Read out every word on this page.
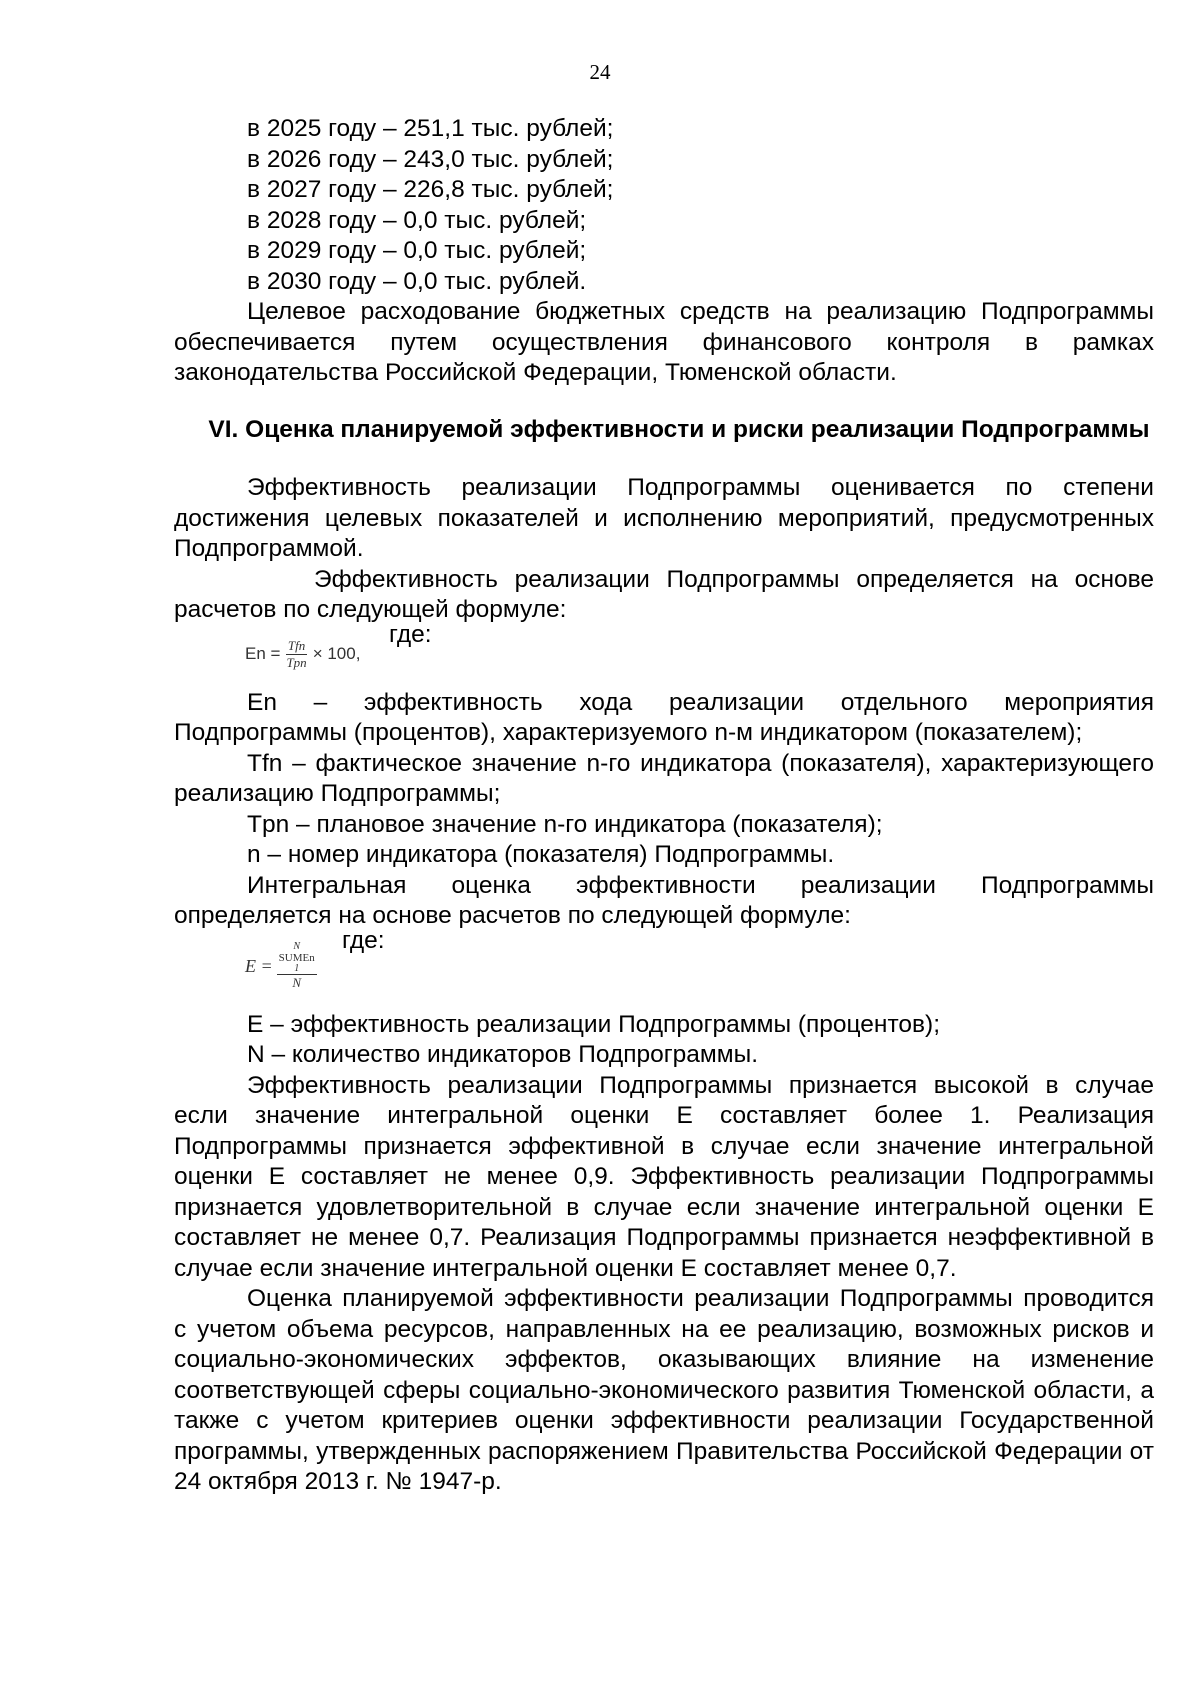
24

в 2025 году – 251,1 тыс. рублей;

в 2026 году – 243,0 тыс. рублей;

в 2027 году – 226,8 тыс. рублей;

в 2028 году – 0,0 тыс. рублей;

в 2029 году – 0,0 тыс. рублей;

в 2030 году – 0,0 тыс. рублей.

Целевое расходование бюджетных средств на реализацию Подпрограммы обеспечивается путем осуществления финансового контроля в рамках законодательства Российской Федерации, Тюменской области.

VI. Оценка планируемой эффективности и риски реализации Подпрограммы

Эффективность реализации Подпрограммы оценивается по степени достижения целевых показателей и исполнению мероприятий, предусмотренных Подпрограммой.

Эффективность реализации Подпрограммы определяется на основе расчетов по следующей формуле:

$En = \frac{\text{Tfn}}{\text{Tpn}} \times 100$,
где:

En – эффективность хода реализации отдельного мероприятия Подпрограммы (процентов), характеризуемого n-м индикатором (показателем);

Tfn – фактическое значение n-го индикатора (показателя), характеризующего реализацию Подпрограммы;

Tpn – плановое значение n-го индикатора (показателя);

n – номер индикатора (показателя) Подпрограммы.

Интегральная оценка эффективности реализации Подпрограммы определяется на основе расчетов по следующей формуле:

E = N
SUMEn
1
N
где:

E – эффективность реализации Подпрограммы (процентов);

N – количество индикаторов Подпрограммы.

Эффективность реализации Подпрограммы признается высокой в случае если значение интегральной оценки E составляет более 1. Реализация Подпрограммы признается эффективной в случае если значение интегральной оценки E составляет не менее 0,9. Эффективность реализации Подпрограммы признается удовлетворительной в случае если значение интегральной оценки E составляет не менее 0,7. Реализация Подпрограммы признается неэффективной в случае если значение интегральной оценки E составляет менее 0,7.

Оценка планируемой эффективности реализации Подпрограммы проводится с учетом объема ресурсов, направленных на ее реализацию, возможных рисков и социально-экономических эффектов, оказывающих влияние на изменение соответствующей сферы социально-экономического развития Тюменской области, а также с учетом критериев оценки эффективности реализации Государственной программы, утвержденных распоряжением Правительства Российской Федерации от 24 октября 2013 г. № 1947-р.
